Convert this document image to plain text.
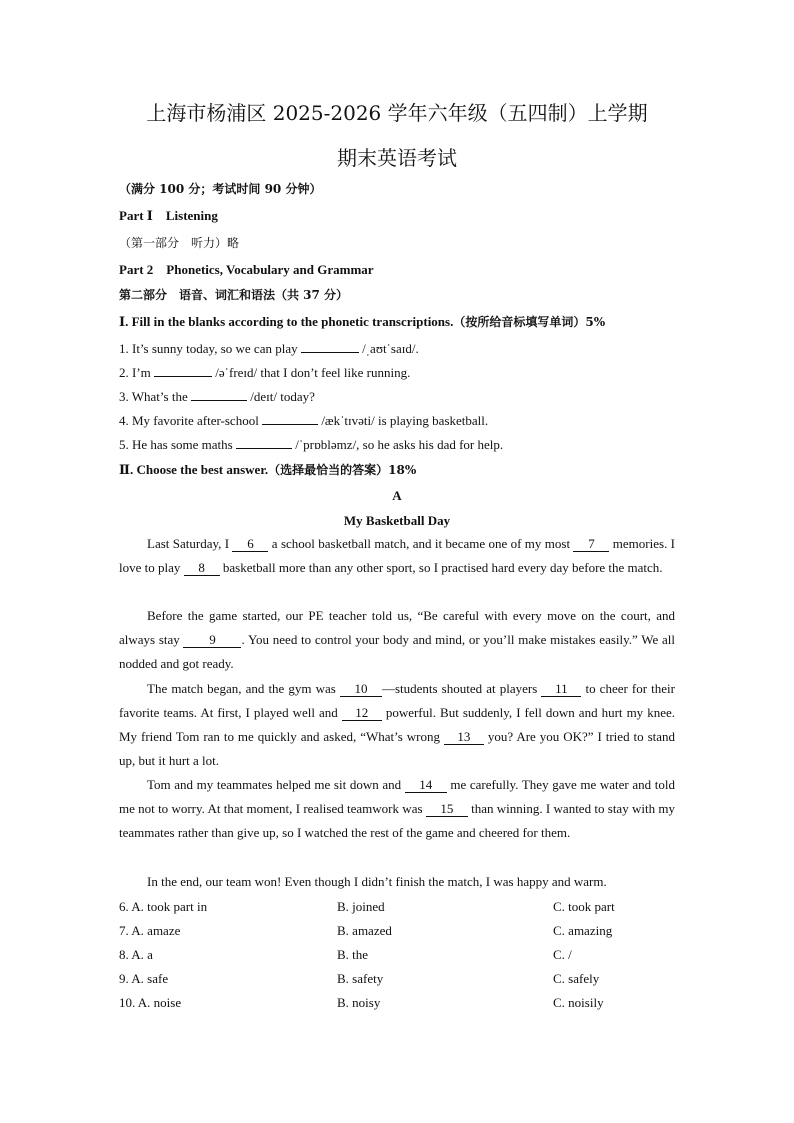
上海市杨浦区 2025-2026 学年六年级（五四制）上学期
期末英语考试
（满分 100 分；考试时间 90 分钟）
Part Ⅰ　Listening
（第一部分　听力）略
Part 2　Phonetics, Vocabulary and Grammar
第二部分　语音、词汇和语法（共 37 分）
Ⅰ. Fill in the blanks according to the phonetic transcriptions.（按所给音标填写单词）5%
1. It’s sunny today, so we can play	/ˌaʊtˈsaɪd/.
2. I’m	/əˈfreɪd/ that I don’t feel like running.
3. What’s the	/deɪt/ today?
4. My favorite after-school	/ækˈtɪvəti/ is playing basketball.
5. He has some maths	/ˈprɒbləmz/, so he asks his dad for help.
Ⅱ. Choose the best answer.（选择最恰当的答案）18%
A
My Basketball Day
Last Saturday, I 6 a school basketball match, and it became one of my most 7 memories. I love to play 8 basketball more than any other sport, so I practised hard every day before the match.
Before the game started, our PE teacher told us, “Be careful with every move on the court, and always stay 9 . You need to control your body and mind, or you’ll make mistakes easily.” We all nodded and got ready.
The match began, and the gym was 10 —students shouted at players 11 to cheer for their favorite teams. At first, I played well and 12 powerful. But suddenly, I fell down and hurt my knee. My friend Tom ran to me quickly and asked, “What’s wrong 13 you? Are you OK?” I tried to stand up, but it hurt a lot.
Tom and my teammates helped me sit down and 14 me carefully. They gave me water and told me not to worry. At that moment, I realised teamwork was 15 than winning. I wanted to stay with my teammates rather than give up, so I watched the rest of the game and cheered for them.
In the end, our team won! Even though I didn’t finish the match, I was happy and warm.
6. A. took part in	B. joined	C. took part
7. A. amaze	B. amazed	C. amazing
8. A. a	B. the	C. /
9. A. safe	B. safety	C. safely
10. A. noise	B. noisy	C. noisily
